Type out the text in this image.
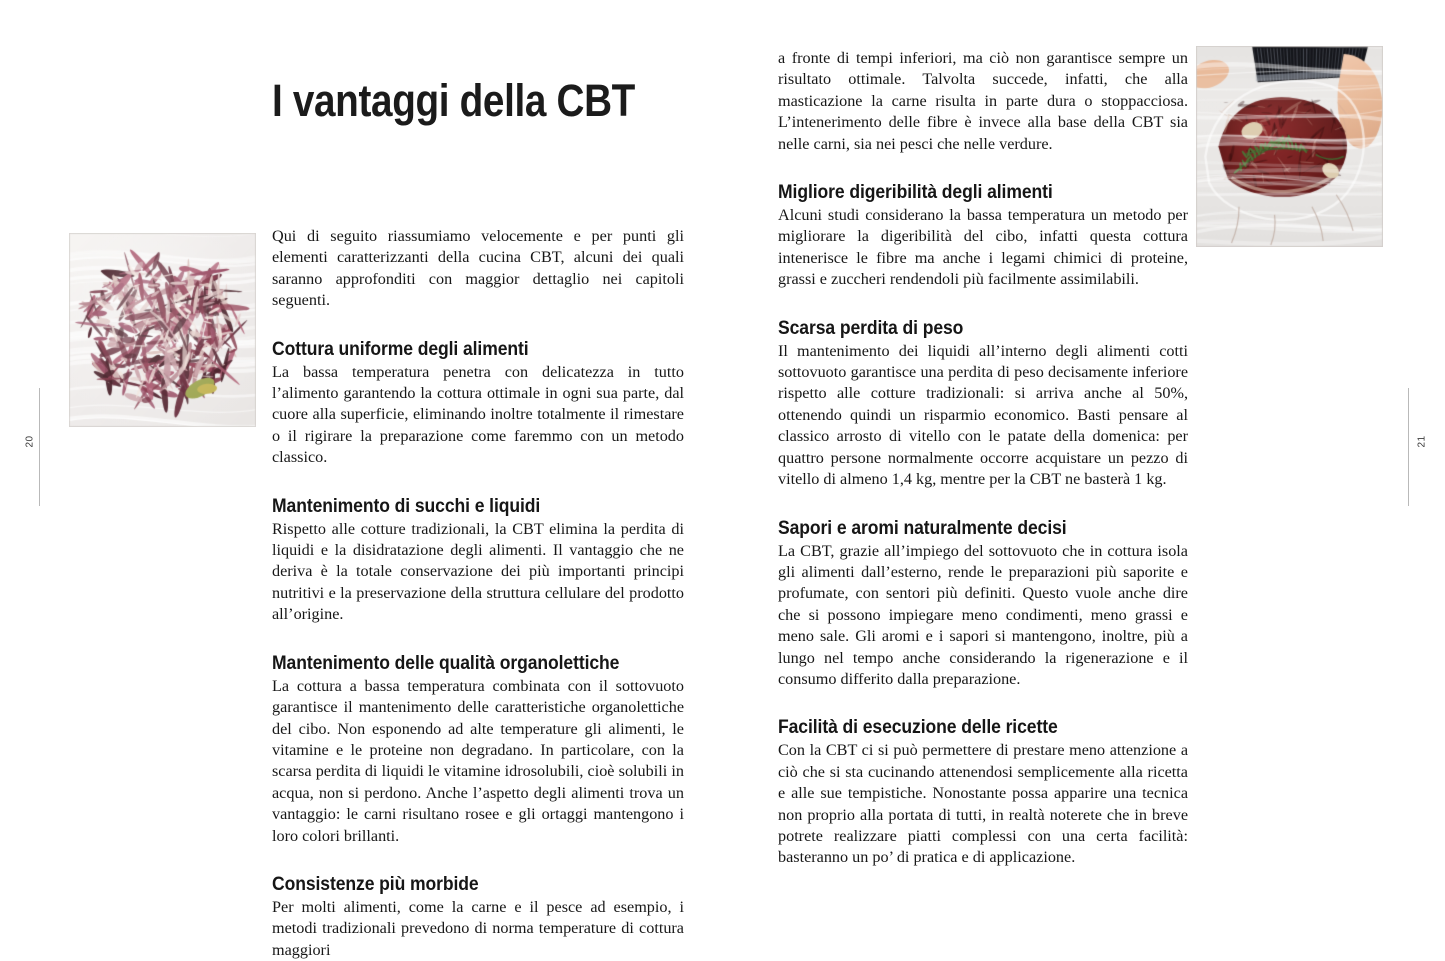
20	21
I vantaggi della CBT

Qui di seguito riassumiamo velocemente e per punti gli elementi caratterizzanti della cucina CBT, alcuni dei quali saranno approfonditi con maggior dettaglio nei capitoli seguenti.

Cottura uniforme degli alimenti

La bassa temperatura penetra con delicatezza in tutto l’alimento garantendo la cottura ottimale in ogni sua parte, dal cuore alla superficie, eliminando inoltre totalmente il rimestare o il rigirare la preparazione come faremmo con un metodo classico.

Mantenimento di succhi e liquidi

Rispetto alle cotture tradizionali, la CBT elimina la perdita di liquidi e la disidratazione degli alimenti. Il vantaggio che ne deriva è la totale conservazione dei più importanti principi nutritivi e la preservazione della struttura cellulare del prodotto all’origine.

Mantenimento delle qualità organolettiche

La cottura a bassa temperatura combinata con il sottovuoto garantisce il mantenimento delle caratteristiche organolettiche del cibo. Non esponendo ad alte temperature gli alimenti, le vitamine e le proteine non degradano. In particolare, con la scarsa perdita di liquidi le vitamine idrosolubili, cioè solubili in acqua, non si perdono. Anche l’aspetto degli alimenti trova un vantaggio: le carni risultano rosee e gli ortaggi mantengono i loro colori brillanti.

Consistenze più morbide

Per molti alimenti, come la carne e il pesce ad esempio, i metodi tradizionali prevedono di norma temperature di cottura maggiori

a fronte di tempi inferiori, ma ciò non garantisce sempre un risultato ottimale. Talvolta succede, infatti, che alla masticazione la carne risulta in parte dura o stoppacciosa. L’intenerimento delle fibre è invece alla base della CBT sia nelle carni, sia nei pesci che nelle verdure.

Migliore digeribilità degli alimenti

Alcuni studi considerano la bassa temperatura un metodo per migliorare la digeribilità del cibo, infatti questa cottura intenerisce le fibre ma anche i legami chimici di proteine, grassi e zuccheri rendendoli più facilmente assimilabili.

Scarsa perdita di peso

Il mantenimento dei liquidi all’interno degli alimenti cotti sottovuoto garantisce una perdita di peso decisamente inferiore rispetto alle cotture tradizionali: si arriva anche al 50%, ottenendo quindi un risparmio economico. Basti pensare al classico arrosto di vitello con le patate della domenica: per quattro persone normalmente occorre acquistare un pezzo di vitello di almeno 1,4 kg, mentre per la CBT ne basterà 1 kg.

Sapori e aromi naturalmente decisi

La CBT, grazie all’impiego del sottovuoto che in cottura isola gli alimenti dall’esterno, rende le preparazioni più saporite e profumate, con sentori più definiti. Questo vuole anche dire che si possono impiegare meno condimenti, meno grassi e meno sale. Gli aromi e i sapori si mantengono, inoltre, più a lungo nel tempo anche considerando la rigenerazione e il consumo differito dalla preparazione.

Facilità di esecuzione delle ricette

Con la CBT ci si può permettere di prestare meno attenzione a ciò che si sta cucinando attenendosi semplicemente alla ricetta e alle sue tempistiche. Nonostante possa apparire una tecnica non proprio alla portata di tutti, in realtà noterete che in breve potrete realizzare piatti complessi con una certa facilità: basteranno un po’ di pratica e di applicazione.
